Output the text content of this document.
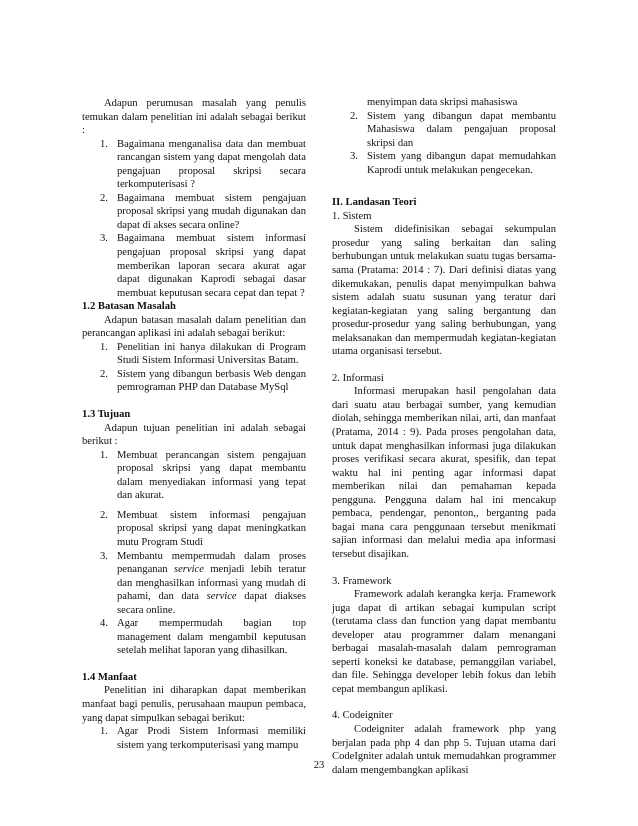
Adapun perumusan masalah yang penulis temukan dalam penelitian ini adalah sebagai berikut :

1. Bagaimana menganalisa data dan membuat rancangan sistem yang dapat mengolah data pengajuan proposal skripsi secara terkomputerisasi ?
2. Bagaimana membuat sistem pengajuan proposal skripsi yang mudah digunakan dan dapat di akses secara online?
3. Bagaimana membuat sistem informasi pengajuan proposal skripsi yang dapat memberikan laporan secara akurat agar dapat digunakan Kaprodi sebagai dasar membuat keputusan secara cepat dan tepat ?

1.2 Batasan Masalah

Adapun batasan masalah dalam penelitian dan perancangan aplikasi ini adalah sebagai berikut:

1. Penelitian ini hanya dilakukan di Program Studi Sistem Informasi Universitas Batam.
2. Sistem yang dibangun berbasis Web dengan pemrograman PHP dan Database MySql

1.3 Tujuan

Adapun tujuan penelitian ini adalah sebagai berikut :

1. Membuat perancangan sistem pengajuan proposal skripsi yang dapat membantu dalam menyediakan informasi yang tepat dan akurat.
2. Membuat sistem informasi pengajuan proposal skripsi yang dapat meningkatkan mutu Program Studi
3. Membantu mempermudah dalam proses penanganan service menjadi lebih teratur dan menghasilkan informasi yang mudah di pahami, dan data service dapat diakses secara online.
4. Agar mempermudah bagian top management dalam mengambil keputusan setelah melihat laporan yang dihasilkan.

1.4 Manfaat

Penelitian ini diharapkan dapat memberikan manfaat bagi penulis, perusahaan maupun pembaca, yang dapat simpulkan sebagai berikut:

1. Agar Prodi Sistem Informasi memiliki sistem yang terkomputerisasi yang mampu

menyimpan data skripsi mahasiswa

2. Sistem yang dibangun dapat membantu Mahasiswa dalam pengajuan proposal skripsi dan
3. Sistem yang dibangun dapat memudahkan Kaprodi untuk melakukan pengecekan.

II. Landasan Teori

1. Sistem

Sistem didefinisikan sebagai sekumpulan prosedur yang saling berkaitan dan saling berhubungan untuk melakukan suatu tugas bersama-sama (Pratama: 2014 : 7). Dari definisi diatas yang dikemukakan, penulis dapat menyimpulkan bahwa sistem adalah suatu susunan yang teratur dari kegiatan-kegiatan yang saling bergantung dan prosedur-prosedur yang saling berhubungan, yang melaksanakan dan mempermudah kegiatan-kegiatan utama organisasi tersebut.

2. Informasi

Informasi merupakan hasil pengolahan data dari suatu atau berbagai sumber, yang kemudian diolah, sehingga memberikan nilai, arti, dan manfaat (Pratama, 2014 : 9). Pada proses pengolahan data, untuk dapat menghasilkan informasi juga dilakukan proses verifikasi secara akurat, spesifik, dan tepat waktu hal ini penting agar informasi dapat memberikan nilai dan pemahaman kepada pengguna. Pengguna dalam hal ini mencakup pembaca, pendengar, penonton,, bergantng pada bagai mana cara penggunaan tersebut menikmati sajian informasi dan melalui media apa informasi tersebut disajikan.

3. Framework

Framework adalah kerangka kerja. Framework juga dapat di artikan sebagai kumpulan script (terutama class dan function yang dapat membantu developer atau programmer dalam menangani berbagai masalah-masalah dalam pemrograman seperti koneksi ke database, pemanggilan variabel, dan file. Sehingga developer lebih fokus dan lebih cepat membangun aplikasi.

4. Codeigniter

Codeigniter adalah framework php yang berjalan pada php 4 dan php 5. Tujuan utama dari CodeIgniter adalah untuk memudahkan programmer dalam mengembangkan aplikasi

23
